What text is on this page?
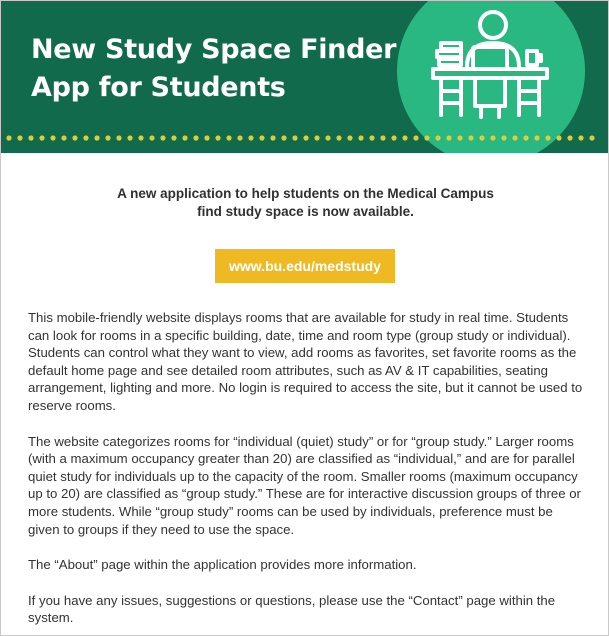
New Study Space Finder
App for Students
A new application to help students on the Medical Campus
find study space is now available.
www.bu.edu/medstudy

This mobile-friendly website displays rooms that are available for study in real time. Students can look for rooms in a specific building, date, time and room type (group study or individual). Students can control what they want to view, add rooms as favorites, set favorite rooms as the default home page and see detailed room attributes, such as AV & IT capabilities, seating arrangement, lighting and more. No login is required to access the site, but it cannot be used to reserve rooms.

The website categorizes rooms for “individual (quiet) study” or for “group study.” Larger rooms (with a maximum occupancy greater than 20) are classified as “individual,” and are for parallel quiet study for individuals up to the capacity of the room. Smaller rooms (maximum occupancy up to 20) are classified as “group study.” These are for interactive discussion groups of three or more students. While “group study” rooms can be used by individuals, preference must be given to groups if they need to use the space.

The “About” page within the application provides more information.

If you have any issues, suggestions or questions, please use the “Contact” page within the system.
